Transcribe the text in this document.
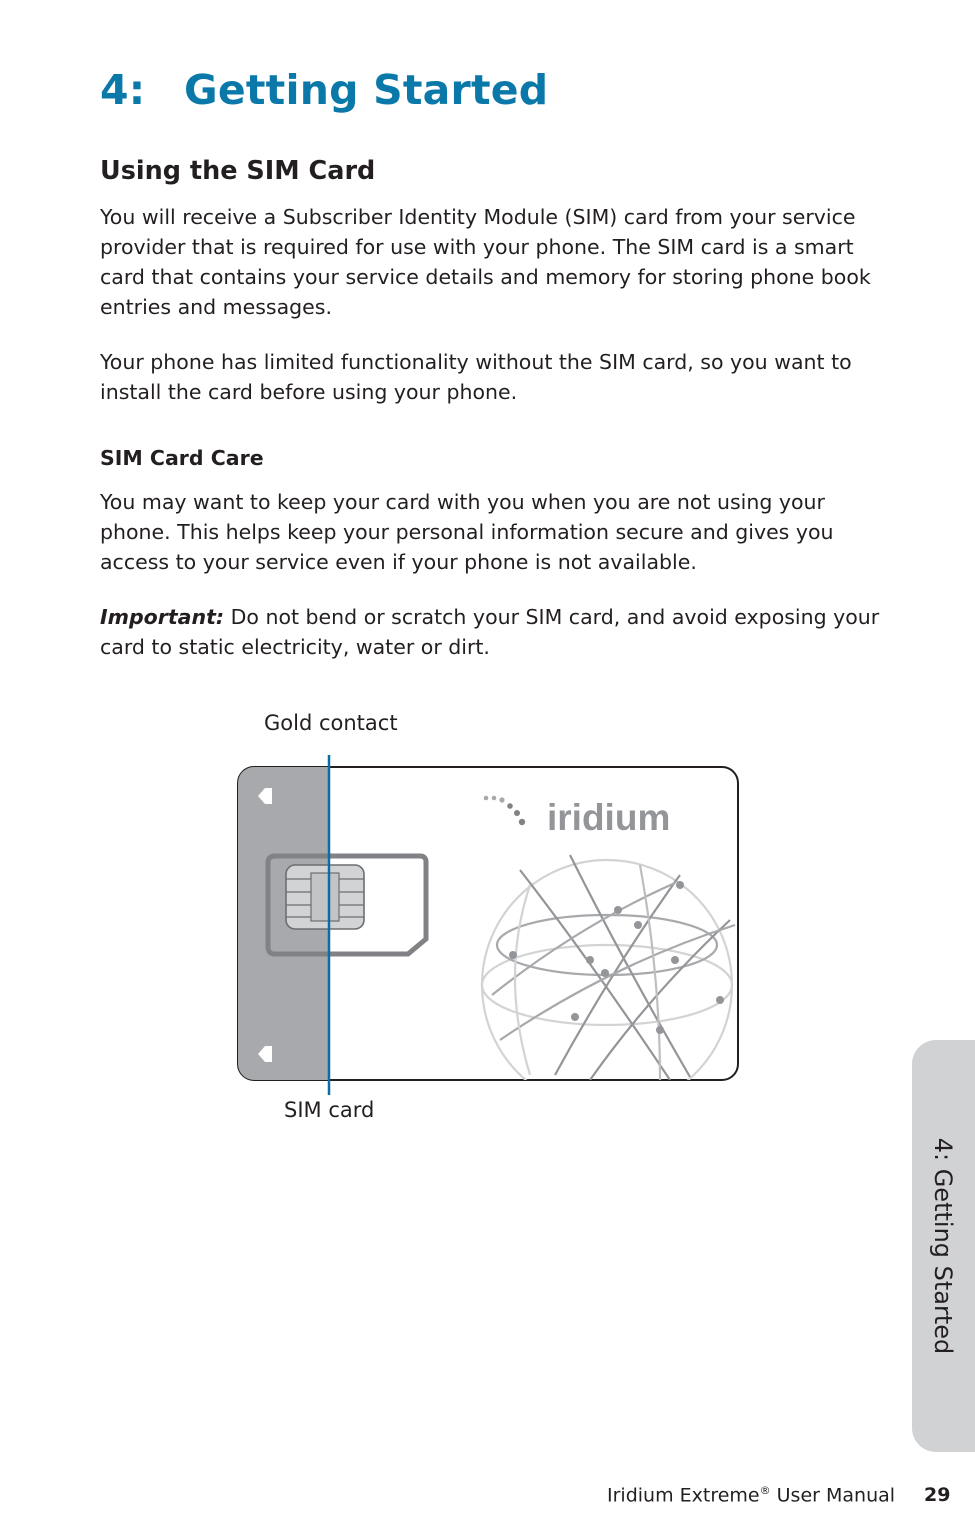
4: Getting Started
Using the SIM Card

You will receive a Subscriber Identity Module (SIM) card from your service provider that is required for use with your phone. The SIM card is a smart card that contains your service details and memory for storing phone book entries and messages.

Your phone has limited functionality without the SIM card, so you want to install the card before using your phone.

SIM Card Care

You may want to keep your card with you when you are not using your phone. This helps keep your personal information secure and gives you access to your service even if your phone is not available.

Important: Do not bend or scratch your SIM card, and avoid exposing your card to static electricity, water or dirt.

Gold contact
iridium
SIM card
4: Getting Started
Iridium Extreme® User Manual 29
